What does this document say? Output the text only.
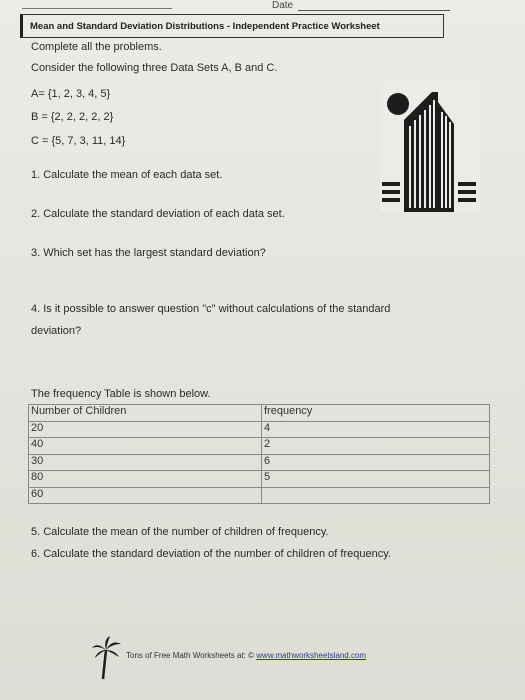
Date
Mean and Standard Deviation Distributions - Independent Practice Worksheet
Complete all the problems.
Consider the following three Data Sets A, B and C.
A= {1, 2, 3, 4, 5}
B = {2, 2, 2, 2, 2}
C = {5, 7, 3, 11, 14}
1. Calculate the mean of each data set.
2. Calculate the standard deviation of each data set.
3. Which set has the largest standard deviation?
4. Is it possible to answer question "c" without calculations of the standard
deviation?
The frequency Table is shown below.
Number of Children	frequency
20	4
40	2
30	6
80	5
60	
5. Calculate the mean of the number of children of frequency.
6. Calculate the standard deviation of the number of children of frequency.
Tons of Free Math Worksheets at: © www.mathworksheetsland.com
